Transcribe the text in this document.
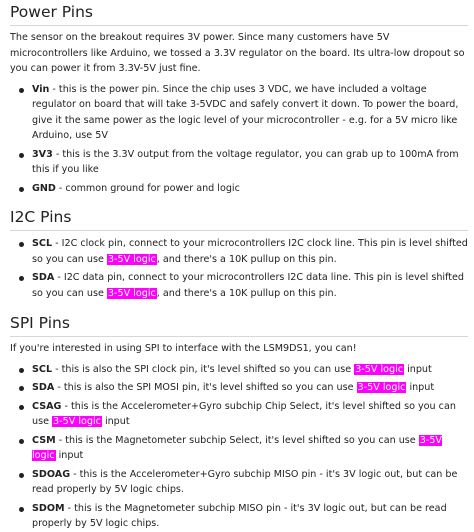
Power Pins

The sensor on the breakout requires 3V power. Since many customers have 5V microcontrollers like Arduino, we tossed a 3.3V regulator on the board. Its ultra-low dropout so you can power it from 3.3V-5V just fine.

Vin - this is the power pin. Since the chip uses 3 VDC, we have included a voltage regulator on board that will take 3-5VDC and safely convert it down. To power the board, give it the same power as the logic level of your microcontroller - e.g. for a 5V micro like Arduino, use 5V
3V3 - this is the 3.3V output from the voltage regulator, you can grab up to 100mA from this if you like
GND - common ground for power and logic
I2C Pins
SCL - I2C clock pin, connect to your microcontrollers I2C clock line. This pin is level shifted so you can use 3-5V logic, and there's a 10K pullup on this pin.
SDA - I2C data pin, connect to your microcontrollers I2C data line. This pin is level shifted so you can use 3-5V logic, and there's a 10K pullup on this pin.
SPI Pins

If you're interested in using SPI to interface with the LSM9DS1, you can!

SCL - this is also the SPI clock pin, it's level shifted so you can use 3-5V logic input
SDA - this is also the SPI MOSI pin, it's level shifted so you can use 3-5V logic input
CSAG - this is the Accelerometer+Gyro subchip Chip Select, it's level shifted so you can use 3-5V logic input
CSM - this is the Magnetometer subchip Select, it's level shifted so you can use 3-5V logic input
SDOAG - this is the Accelerometer+Gyro subchip MISO pin - it's 3V logic out, but can be read properly by 5V logic chips.
SDOM - this is the Magnetometer subchip MISO pin - it's 3V logic out, but can be read properly by 5V logic chips.
